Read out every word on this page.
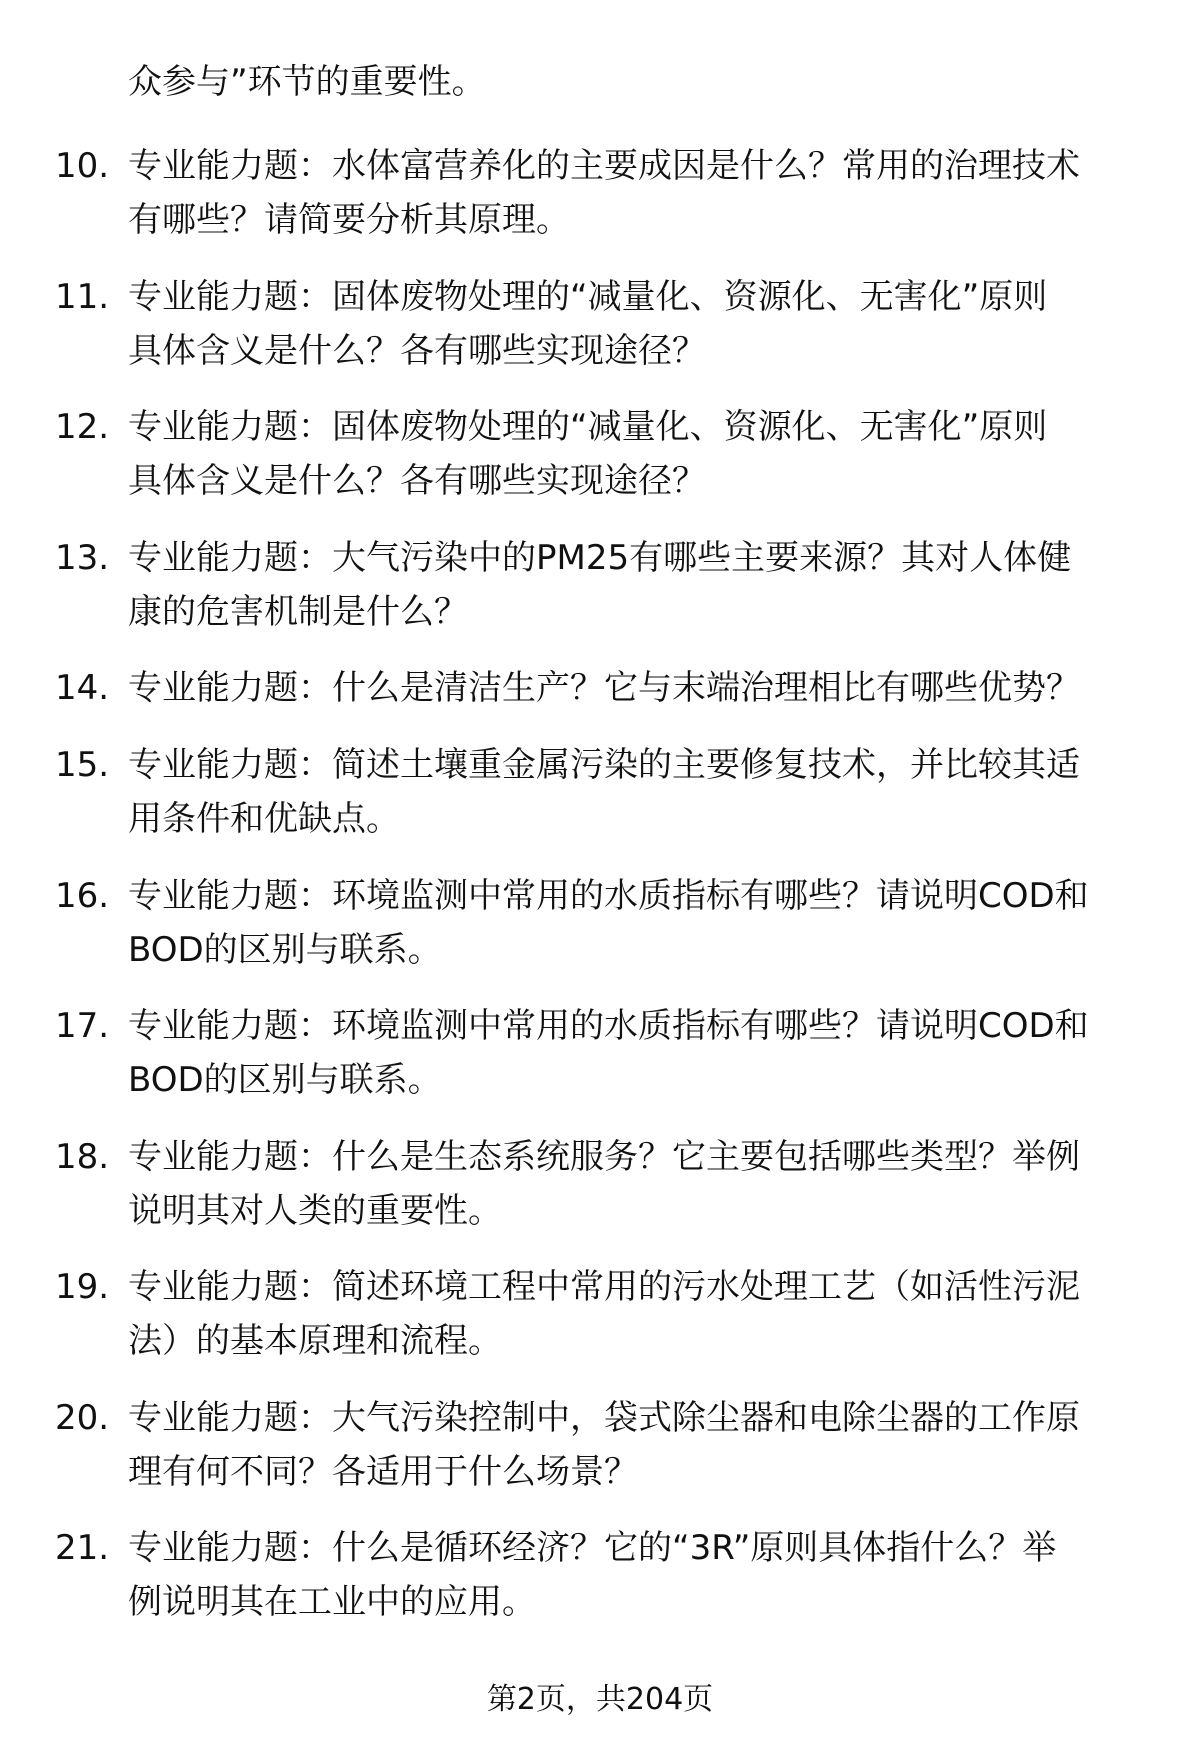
众参与”环节的重要性。
10. 专业能力题：水体富营养化的主要成因是什么？常用的治理技术
有哪些？请简要分析其原理。
11. 专业能力题：固体废物处理的“减量化、资源化、无害化”原则
具体含义是什么？各有哪些实现途径？
12. 专业能力题：固体废物处理的“减量化、资源化、无害化”原则
具体含义是什么？各有哪些实现途径？
13. 专业能力题：大气污染中的PM25有哪些主要来源？其对人体健
康的危害机制是什么？
14. 专业能力题：什么是清洁生产？它与末端治理相比有哪些优势？
15. 专业能力题：简述土壤重金属污染的主要修复技术，并比较其适
用条件和优缺点。
16. 专业能力题：环境监测中常用的水质指标有哪些？请说明COD和
BOD的区别与联系。
17. 专业能力题：环境监测中常用的水质指标有哪些？请说明COD和
BOD的区别与联系。
18. 专业能力题：什么是生态系统服务？它主要包括哪些类型？举例
说明其对人类的重要性。
19. 专业能力题：简述环境工程中常用的污水处理工艺（如活性污泥
法）的基本原理和流程。
20. 专业能力题：大气污染控制中，袋式除尘器和电除尘器的工作原
理有何不同？各适用于什么场景？
21. 专业能力题：什么是循环经济？它的“3R”原则具体指什么？举
例说明其在工业中的应用。
第2页，共204页
